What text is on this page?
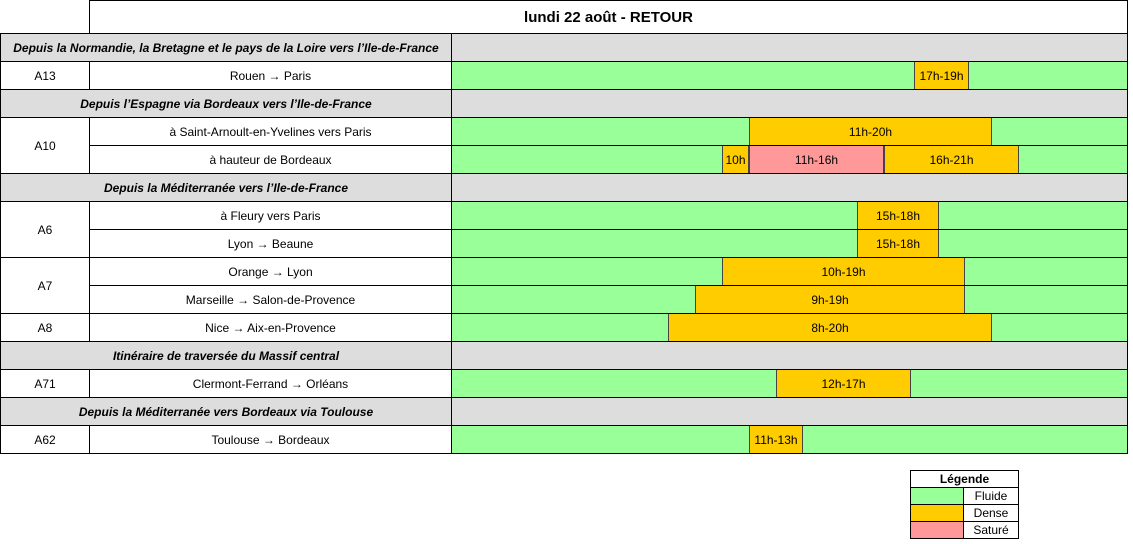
lundi 22 août - RETOUR
Depuis la Normandie, la Bretagne et le pays de la Loire vers l’Ile-de-France
A13	Rouen → Paris	17h-19h
Depuis l’Espagne via Bordeaux vers l’Ile-de-France
A10
à Saint-Arnoult-en-Yvelines vers Paris	11h-20h
à hauteur de Bordeaux	10h	11h-16h	16h-21h
Depuis la Méditerranée vers l’Ile-de-France
A6
à Fleury vers Paris	15h-18h
Lyon → Beaune	15h-18h
A7
Orange → Lyon	10h-19h
Marseille → Salon-de-Provence	9h-19h
A8	Nice → Aix-en-Provence	8h-20h
Itinéraire de traversée du Massif central
A71	Clermont-Ferrand → Orléans	12h-17h
Depuis la Méditerranée vers Bordeaux via Toulouse
A62	Toulouse → Bordeaux	11h-13h
Légende
Fluide
Dense
Saturé
